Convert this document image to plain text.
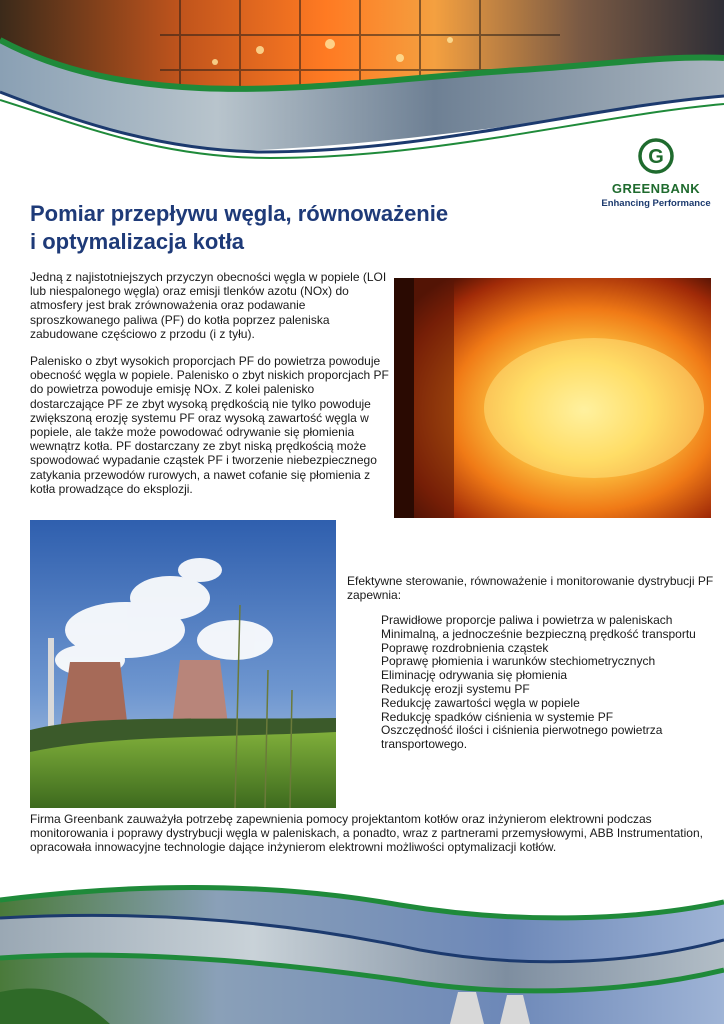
G
GREENBANK
Enhancing Performance
Pomiar przepływu węgla, równoważenie
i optymalizacja kotła

Jedną z najistotniejszych przyczyn obecności węgla w popiele (LOI lub niespalonego węgla) oraz emisji tlenków azotu (NOx) do atmosfery jest brak zrównoważenia oraz podawanie sproszkowanego paliwa (PF) do kotła poprzez paleniska zabudowane częściowo z przodu (i z tyłu).

Palenisko o zbyt wysokich proporcjach PF do powietrza powoduje obecność węgla w popiele. Palenisko o zbyt niskich proporcjach PF do powietrza powoduje emisję NOx. Z kolei palenisko dostarczające PF ze zbyt wysoką prędkością nie tylko powoduje zwiększoną erozję systemu PF oraz wysoką zawartość węgla w popiele, ale także może powodować odrywanie się płomienia wewnątrz kotła. PF dostarczany ze zbyt niską prędkością może spowodować wypadanie cząstek PF i tworzenie niebezpiecznego zatykania przewodów rurowych, a nawet cofanie się płomienia z kotła prowadzące do eksplozji.

Efektywne sterowanie, równoważenie i monitorowanie dystrybucji PF zapewnia:

Prawidłowe proporcje paliwa i powietrza w paleniskach
Minimalną, a jednocześnie bezpieczną prędkość transportu
Poprawę rozdrobnienia cząstek
Poprawę płomienia i warunków stechiometrycznych
Eliminację odrywania się płomienia
Redukcję erozji systemu PF
Redukcję zawartości węgla w popiele
Redukcję spadków ciśnienia w systemie PF
Oszczędność ilości i ciśnienia pierwotnego powietrza transportowego.

Firma Greenbank zauważyła potrzebę zapewnienia pomocy projektantom kotłów oraz inżynierom elektrowni podczas monitorowania i poprawy dystrybucji węgla w paleniskach, a ponadto, wraz z partnerami przemysłowymi, ABB Instrumentation, opracowała innowacyjne technologie dające inżynierom elektrowni możliwości optymalizacji kotłów.
